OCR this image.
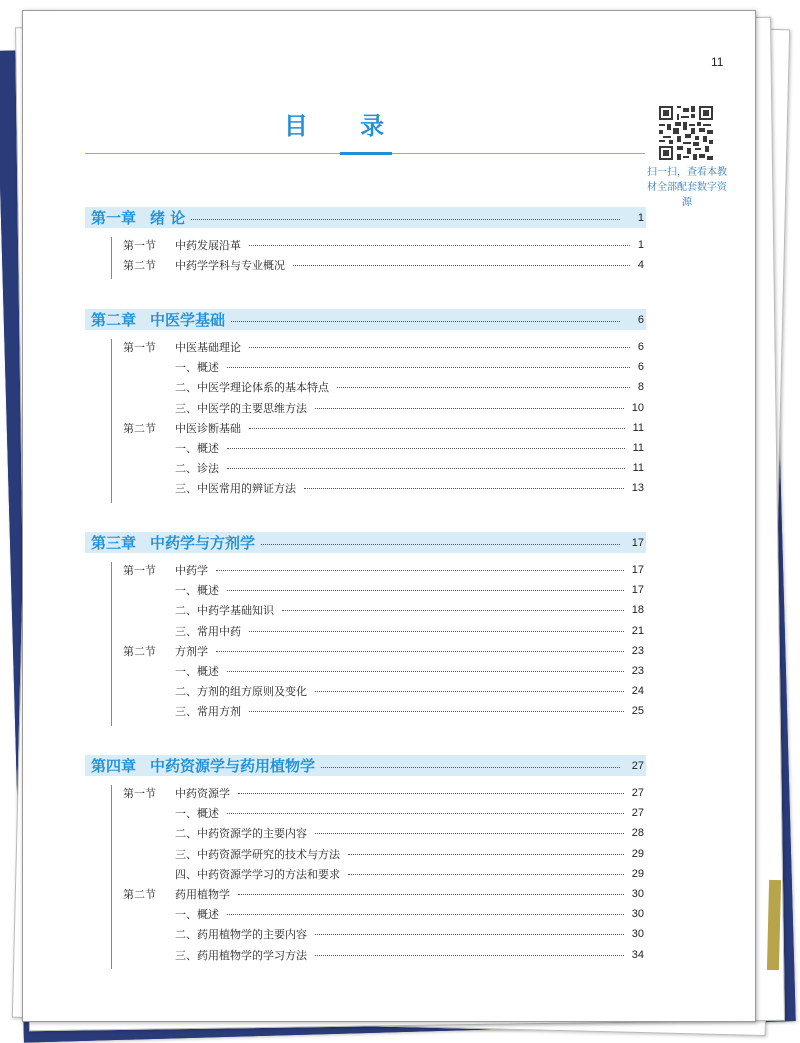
11
目 录
扫一扫，查看本教材全部配套数字资源
第一章 绪 论	1
第一节 中药发展沿革	1
第二节 中药学学科与专业概况	4
第二章 中医学基础	6
第一节 中医基础理论	6
一、概述	6
二、中医学理论体系的基本特点	8
三、中医学的主要思维方法	10
第二节 中医诊断基础	11
一、概述	11
二、诊法	11
三、中医常用的辨证方法	13
第三章 中药学与方剂学	17
第一节 中药学	17
一、概述	17
二、中药学基础知识	18
三、常用中药	21
第二节 方剂学	23
一、概述	23
二、方剂的组方原则及变化	24
三、常用方剂	25
第四章 中药资源学与药用植物学	27
第一节 中药资源学	27
一、概述	27
二、中药资源学的主要内容	28
三、中药资源学研究的技术与方法	29
四、中药资源学学习的方法和要求	29
第二节 药用植物学	30
一、概述	30
二、药用植物学的主要内容	30
三、药用植物学的学习方法	34
